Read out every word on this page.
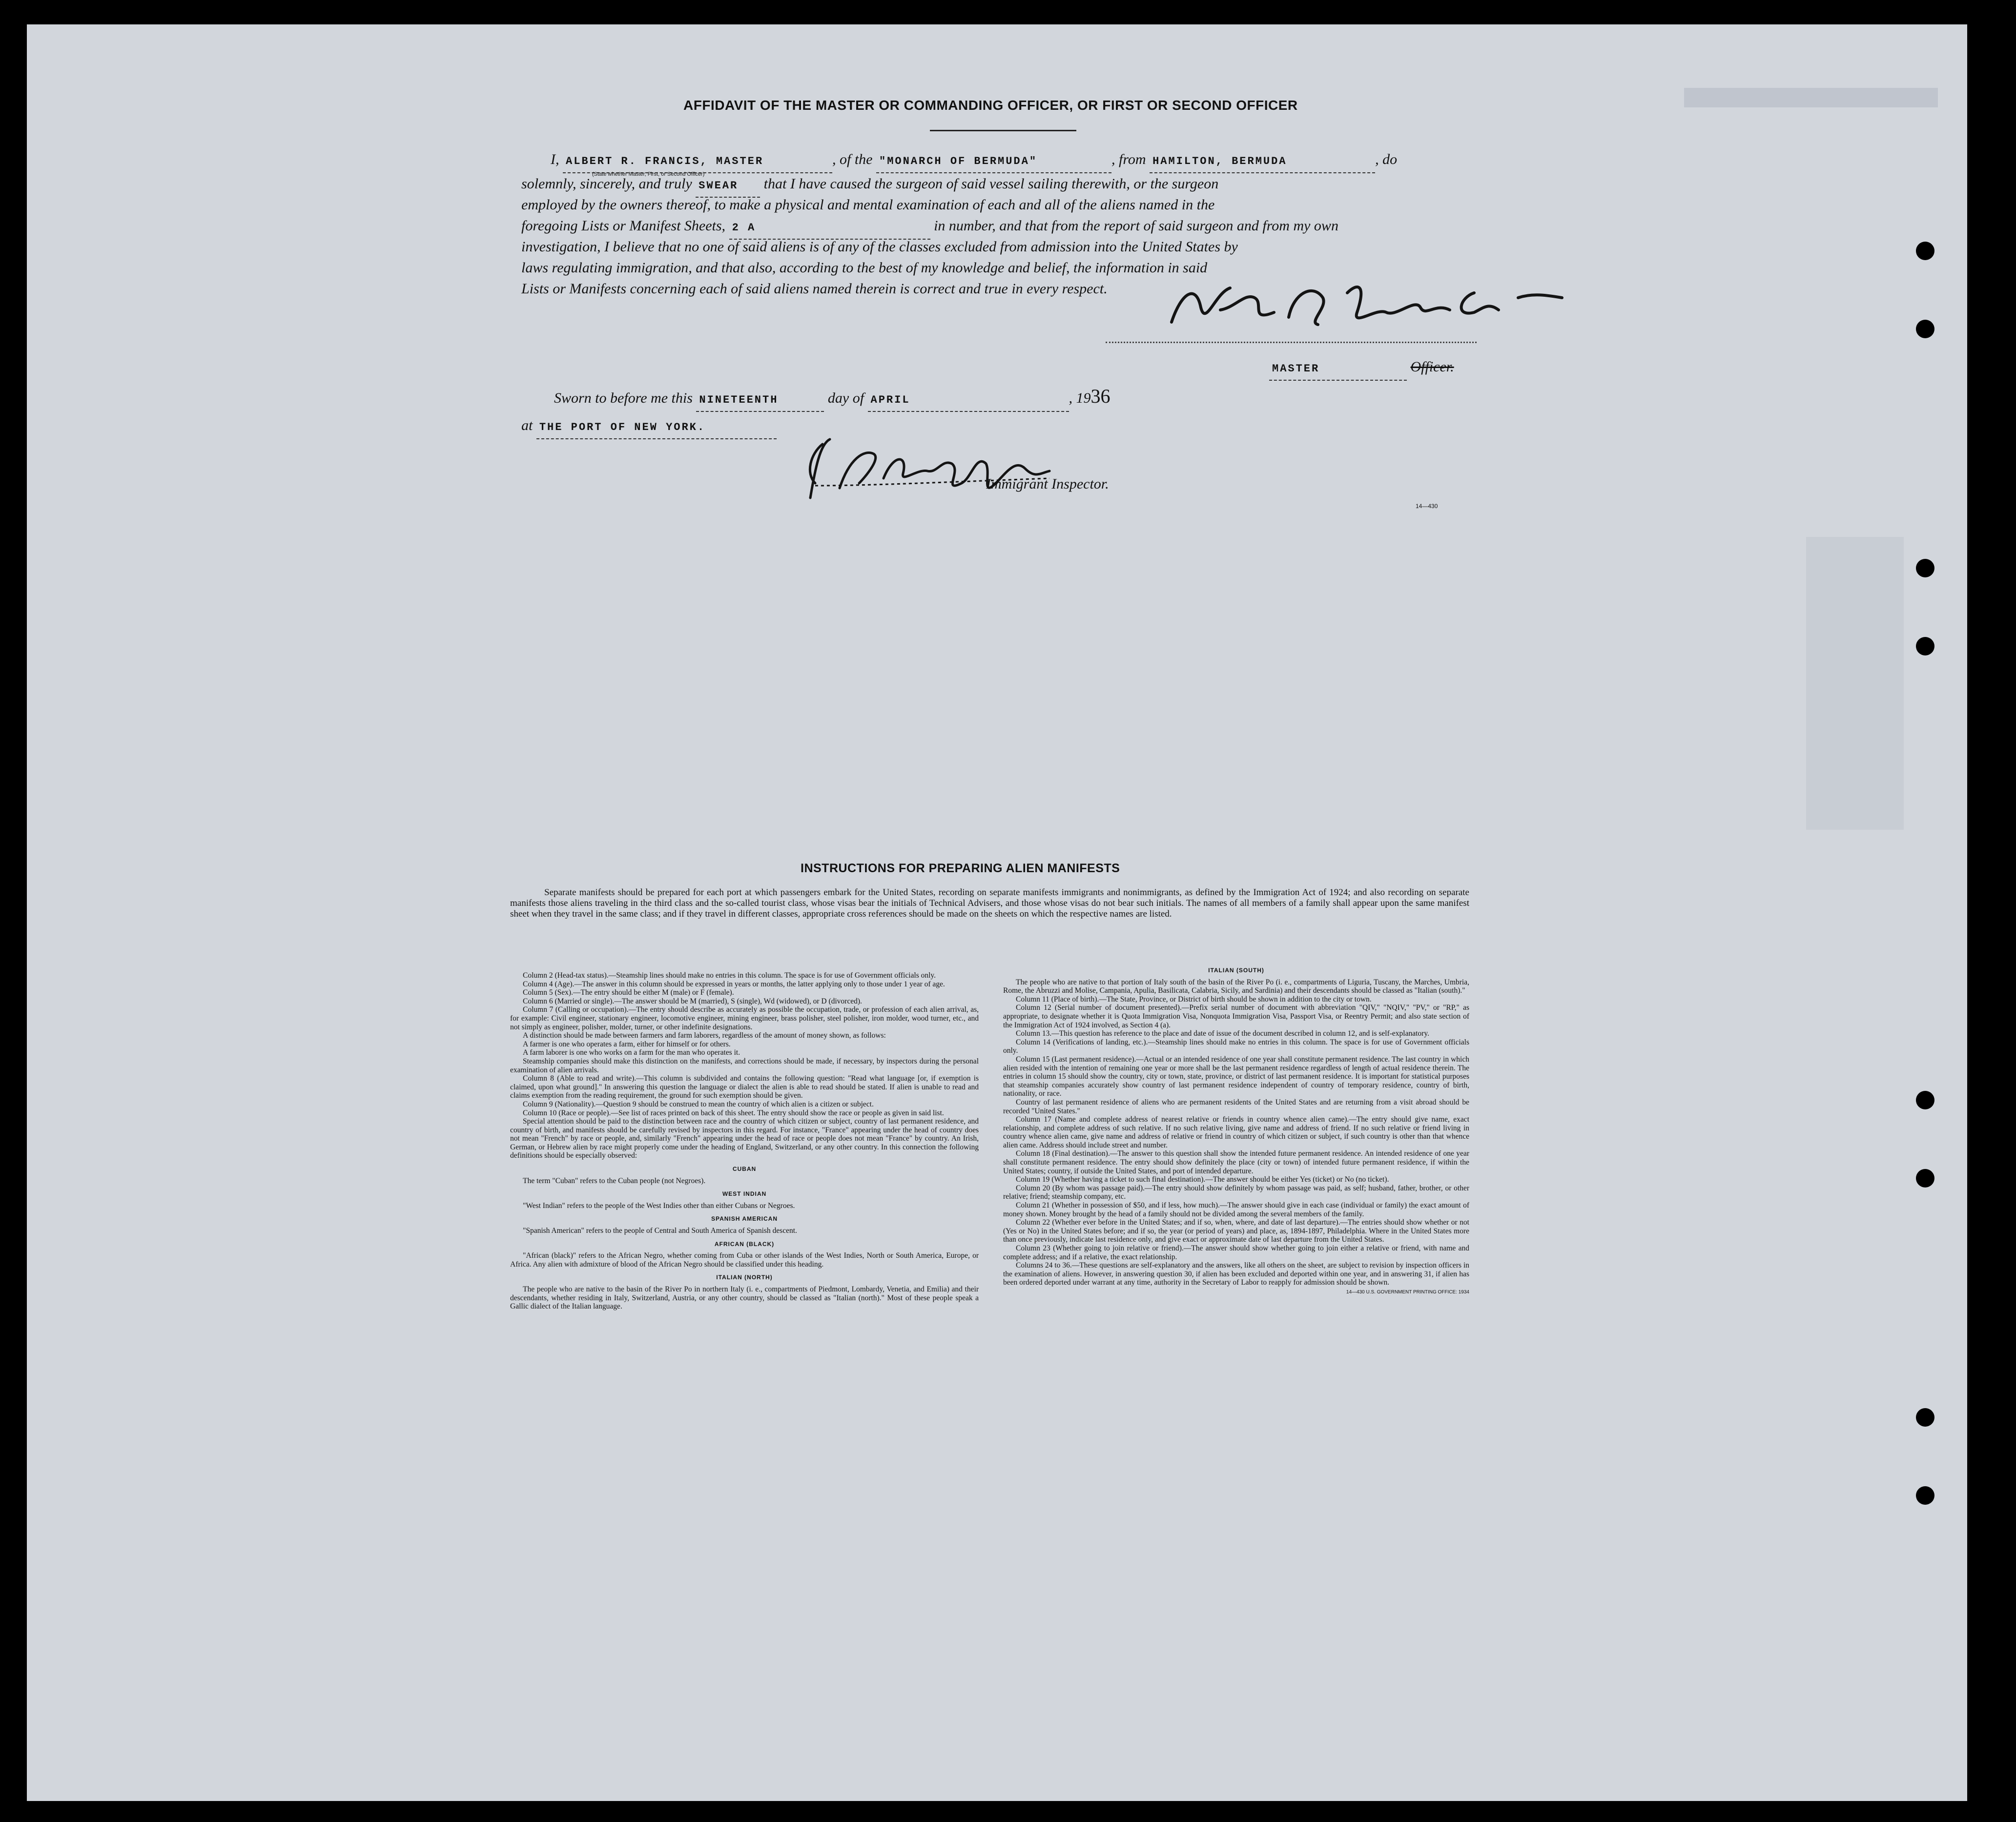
AFFIDAVIT OF THE MASTER OR COMMANDING OFFICER, OR FIRST OR SECOND OFFICER
I, ALBERT R. FRANCIS, MASTER
(State whether Master, First, or Second Officer)
, of the "MONARCH OF BERMUDA"	, from HAMILTON, BERMUDA	, do
solemnly, sincerely, and truly SWEAR that I have caused the surgeon of said vessel sailing therewith, or the surgeon
employed by the owners thereof, to make a physical and mental examination of each and all of the aliens named in the
foregoing Lists or Manifest Sheets, 2 A	in number, and that from the report of said surgeon and from my own
investigation, I believe that no one of said aliens is of any of the classes excluded from admission into the United States by
laws regulating immigration, and that also, according to the best of my knowledge and belief, the information in said
Lists or Manifests concerning each of said aliens named therein is correct and true in every respect.
MASTER	Officer.
Sworn to before me this NINETEENTH	day of APRIL	, 1936
at THE PORT OF NEW YORK.
Immigrant Inspector.
14—430
INSTRUCTIONS FOR PREPARING ALIEN MANIFESTS
Separate manifests should be prepared for each port at which passengers embark for the United States, recording on separate manifests immigrants and nonimmigrants, as defined by the Immigration Act of 1924; and also recording on separate manifests those aliens traveling in the third class and the so-called tourist class, whose visas bear the initials of Technical Advisers, and those whose visas do not bear such initials. The names of all members of a family shall appear upon the same manifest sheet when they travel in the same class; and if they travel in different classes, appropriate cross references should be made on the sheets on which the respective names are listed.

Column 2 (Head-tax status).—Steamship lines should make no entries in this column. The space is for use of Government officials only.

Column 4 (Age).—The answer in this column should be expressed in years or months, the latter applying only to those under 1 year of age.

Column 5 (Sex).—The entry should be either M (male) or F (female).

Column 6 (Married or single).—The answer should be M (married), S (single), Wd (widowed), or D (divorced).

Column 7 (Calling or occupation).—The entry should describe as accurately as possible the occupation, trade, or profession of each alien arrival, as, for example: Civil engineer, stationary engineer, locomotive engineer, mining engineer, brass polisher, steel polisher, iron molder, wood turner, etc., and not simply as engineer, polisher, molder, turner, or other indefinite designations.

A distinction should be made between farmers and farm laborers, regardless of the amount of money shown, as follows:

A farmer is one who operates a farm, either for himself or for others.

A farm laborer is one who works on a farm for the man who operates it.

Steamship companies should make this distinction on the manifests, and corrections should be made, if necessary, by inspectors during the personal examination of alien arrivals.

Column 8 (Able to read and write).—This column is subdivided and contains the following question: "Read what language [or, if exemption is claimed, upon what ground]." In answering this question the language or dialect the alien is able to read should be stated. If alien is unable to read and claims exemption from the reading requirement, the ground for such exemption should be given.

Column 9 (Nationality).—Question 9 should be construed to mean the country of which alien is a citizen or subject.

Column 10 (Race or people).—See list of races printed on back of this sheet. The entry should show the race or people as given in said list.

Special attention should be paid to the distinction between race and the country of which citizen or subject, country of last permanent residence, and country of birth, and manifests should be carefully revised by inspectors in this regard. For instance, "France" appearing under the head of country does not mean "French" by race or people, and, similarly "French" appearing under the head of race or people does not mean "France" by country. An Irish, German, or Hebrew alien by race might properly come under the heading of England, Switzerland, or any other country. In this connection the following definitions should be especially observed:

CUBAN

The term "Cuban" refers to the Cuban people (not Negroes).

WEST INDIAN

"West Indian" refers to the people of the West Indies other than either Cubans or Negroes.

SPANISH AMERICAN

"Spanish American" refers to the people of Central and South America of Spanish descent.

AFRICAN (BLACK)

"African (black)" refers to the African Negro, whether coming from Cuba or other islands of the West Indies, North or South America, Europe, or Africa. Any alien with admixture of blood of the African Negro should be classified under this heading.

ITALIAN (NORTH)

The people who are native to the basin of the River Po in northern Italy (i. e., compartments of Piedmont, Lombardy, Venetia, and Emilia) and their descendants, whether residing in Italy, Switzerland, Austria, or any other country, should be classed as "Italian (north)." Most of these people speak a Gallic dialect of the Italian language.

ITALIAN (SOUTH)

The people who are native to that portion of Italy south of the basin of the River Po (i. e., compartments of Liguria, Tuscany, the Marches, Umbria, Rome, the Abruzzi and Molise, Campania, Apulia, Basilicata, Calabria, Sicily, and Sardinia) and their descendants should be classed as "Italian (south)."

Column 11 (Place of birth).—The State, Province, or District of birth should be shown in addition to the city or town.

Column 12 (Serial number of document presented).—Prefix serial number of document with abbreviation "QIV," "NQIV," "PV," or "RP," as appropriate, to designate whether it is Quota Immigration Visa, Nonquota Immigration Visa, Passport Visa, or Reentry Permit; and also state section of the Immigration Act of 1924 involved, as Section 4 (a).

Column 13.—This question has reference to the place and date of issue of the document described in column 12, and is self-explanatory.

Column 14 (Verifications of landing, etc.).—Steamship lines should make no entries in this column. The space is for use of Government officials only.

Column 15 (Last permanent residence).—Actual or an intended residence of one year shall constitute permanent residence. The last country in which alien resided with the intention of remaining one year or more shall be the last permanent residence regardless of length of actual residence therein. The entries in column 15 should show the country, city or town, state, province, or district of last permanent residence. It is important for statistical purposes that steamship companies accurately show country of last permanent residence independent of country of temporary residence, country of birth, nationality, or race.

Country of last permanent residence of aliens who are permanent residents of the United States and are returning from a visit abroad should be recorded "United States."

Column 17 (Name and complete address of nearest relative or friends in country whence alien came).—The entry should give name, exact relationship, and complete address of such relative. If no such relative living, give name and address of friend. If no such relative or friend living in country whence alien came, give name and address of relative or friend in country of which citizen or subject, if such country is other than that whence alien came. Address should include street and number.

Column 18 (Final destination).—The answer to this question shall show the intended future permanent residence. An intended residence of one year shall constitute permanent residence. The entry should show definitely the place (city or town) of intended future permanent residence, if within the United States; country, if outside the United States, and port of intended departure.

Column 19 (Whether having a ticket to such final destination).—The answer should be either Yes (ticket) or No (no ticket).

Column 20 (By whom was passage paid).—The entry should show definitely by whom passage was paid, as self; husband, father, brother, or other relative; friend; steamship company, etc.

Column 21 (Whether in possession of $50, and if less, how much).—The answer should give in each case (individual or family) the exact amount of money shown. Money brought by the head of a family should not be divided among the several members of the family.

Column 22 (Whether ever before in the United States; and if so, when, where, and date of last departure).—The entries should show whether or not (Yes or No) in the United States before; and if so, the year (or period of years) and place, as, 1894-1897, Philadelphia. Where in the United States more than once previously, indicate last residence only, and give exact or approximate date of last departure from the United States.

Column 23 (Whether going to join relative or friend).—The answer should show whether going to join either a relative or friend, with name and complete address; and if a relative, the exact relationship.

Columns 24 to 36.—These questions are self-explanatory and the answers, like all others on the sheet, are subject to revision by inspection officers in the examination of aliens. However, in answering question 30, if alien has been excluded and deported within one year, and in answering 31, if alien has been ordered deported under warrant at any time, authority in the Secretary of Labor to reapply for admission should be shown.

14—430 U.S. GOVERNMENT PRINTING OFFICE: 1934
